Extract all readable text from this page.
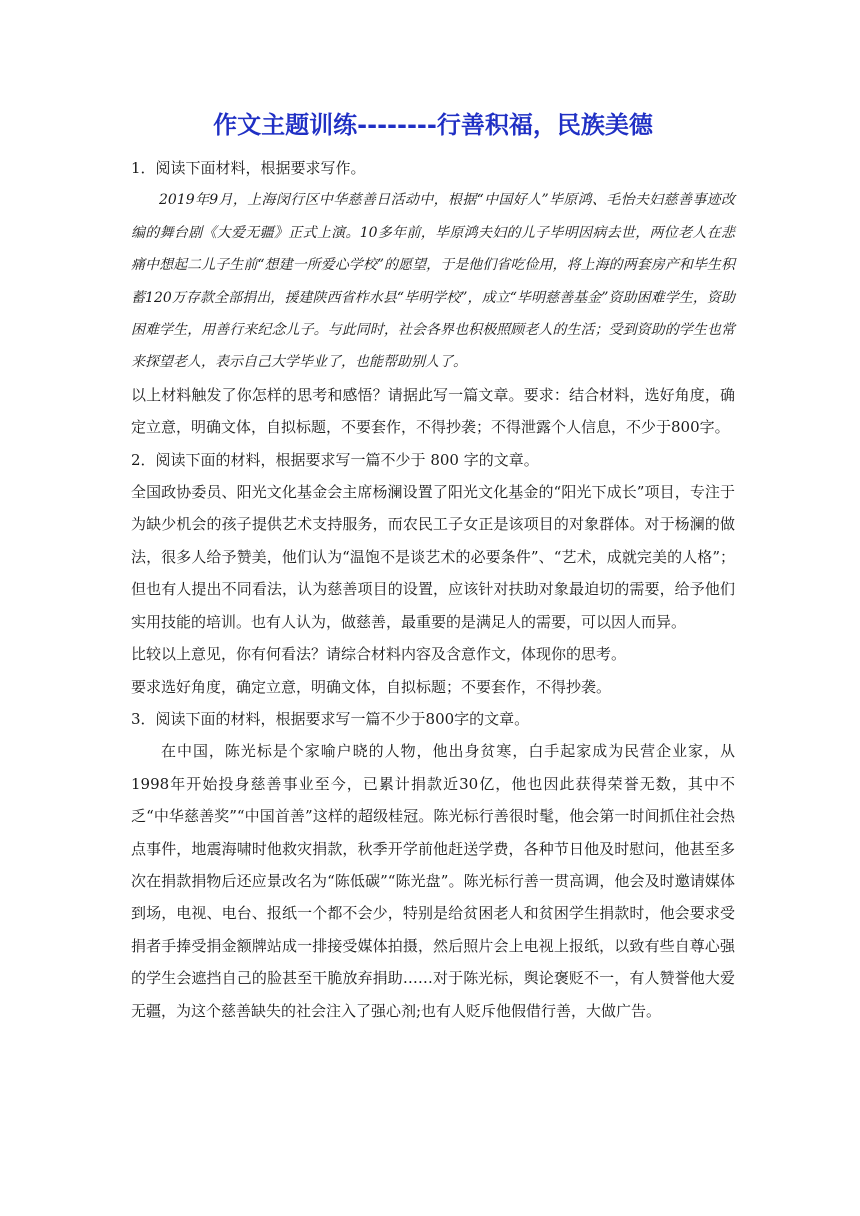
作文主题训练--------行善积福，民族美德

1．阅读下面材料，根据要求写作。

2019年9月，上海闵行区中华慈善日活动中，根据“中国好人”毕原鸿、毛怡夫妇慈善事迹改编的舞台剧《大爱无疆》正式上演。10多年前，毕原鸿夫妇的儿子毕明因病去世，两位老人在悲痛中想起二儿子生前“想建一所爱心学校”的愿望，于是他们省吃俭用，将上海的两套房产和毕生积蓄120万存款全部捐出，援建陕西省柞水县“毕明学校”，成立“毕明慈善基金”资助困难学生，资助困难学生，用善行来纪念儿子。与此同时，社会各界也积极照顾老人的生活；受到资助的学生也常来探望老人，表示自己大学毕业了，也能帮助别人了。

以上材料触发了你怎样的思考和感悟？请据此写一篇文章。要求：结合材料，选好角度，确定立意，明确文体，自拟标题，不要套作，不得抄袭；不得泄露个人信息，不少于800字。

2．阅读下面的材料，根据要求写一篇不少于 800 字的文章。

全国政协委员、阳光文化基金会主席杨澜设置了阳光文化基金的“阳光下成长”项目，专注于为缺少机会的孩子提供艺术支持服务，而农民工子女正是该项目的对象群体。对于杨澜的做法，很多人给予赞美，他们认为“温饱不是谈艺术的必要条件”、“艺术，成就完美的人格”；但也有人提出不同看法，认为慈善项目的设置，应该针对扶助对象最迫切的需要，给予他们实用技能的培训。也有人认为，做慈善，最重要的是满足人的需要，可以因人而异。

比较以上意见，你有何看法？请综合材料内容及含意作文，体现你的思考。

要求选好角度，确定立意，明确文体，自拟标题；不要套作，不得抄袭。

3．阅读下面的材料，根据要求写一篇不少于800字的文章。

在中国，陈光标是个家喻户晓的人物，他出身贫寒，白手起家成为民营企业家，从1998年开始投身慈善事业至今，已累计捐款近30亿，他也因此获得荣誉无数，其中不乏“中华慈善奖”“中国首善”这样的超级桂冠。陈光标行善很时髦，他会第一时间抓住社会热点事件，地震海啸时他救灾捐款，秋季开学前他赶送学费，各种节日他及时慰问，他甚至多次在捐款捐物后还应景改名为“陈低碳”“陈光盘”。陈光标行善一贯高调，他会及时邀请媒体到场，电视、电台、报纸一个都不会少，特别是给贫困老人和贫困学生捐款时，他会要求受捐者手捧受捐金额牌站成一排接受媒体拍摄，然后照片会上电视上报纸，以致有些自尊心强的学生会遮挡自己的脸甚至干脆放弃捐助……对于陈光标，舆论褒贬不一，有人赞誉他大爱无疆，为这个慈善缺失的社会注入了强心剂;也有人贬斥他假借行善，大做广告。
